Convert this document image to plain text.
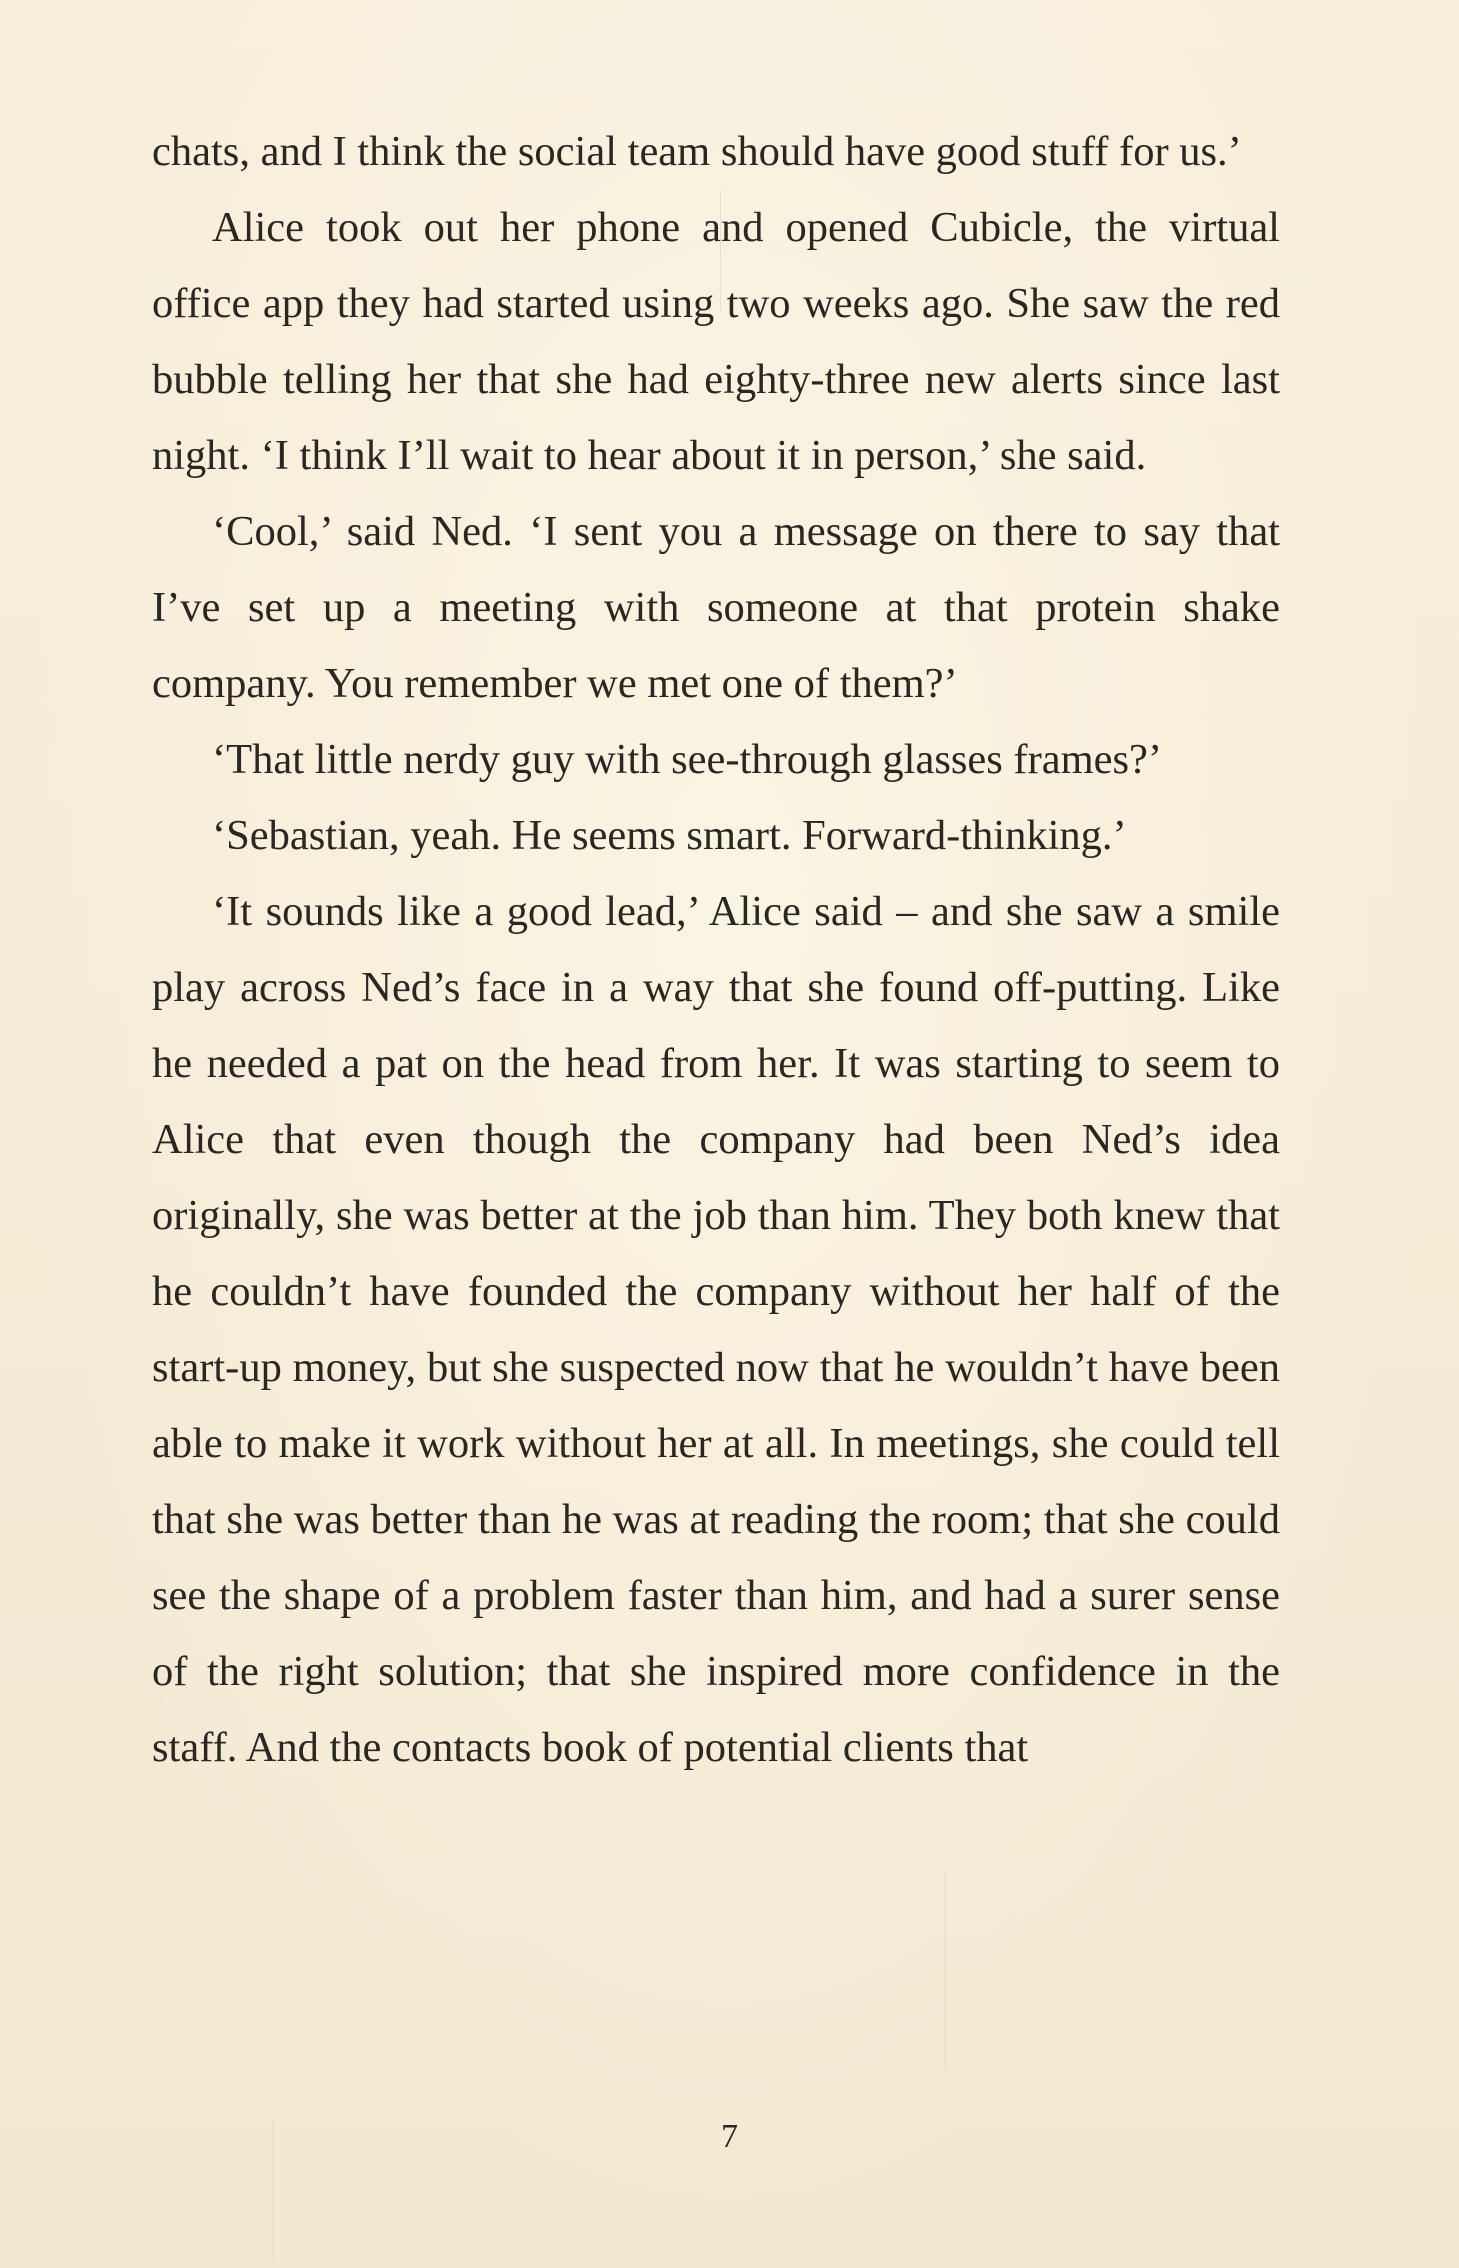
chats, and I think the social team should have good stuff for us.’

Alice took out her phone and opened Cubicle, the virtual office app they had started using two weeks ago. She saw the red bubble telling her that she had eighty-three new alerts since last night. ‘I think I’ll wait to hear about it in person,’ she said.

‘Cool,’ said Ned. ‘I sent you a message on there to say that I’ve set up a meeting with someone at that protein shake company. You remember we met one of them?’

‘That little nerdy guy with see-through glasses frames?’

‘Sebastian, yeah. He seems smart. Forward-thinking.’

‘It sounds like a good lead,’ Alice said – and she saw a smile play across Ned’s face in a way that she found off-putting. Like he needed a pat on the head from her. It was starting to seem to Alice that even though the company had been Ned’s idea originally, she was better at the job than him. They both knew that he couldn’t have founded the company without her half of the start-up money, but she suspected now that he wouldn’t have been able to make it work without her at all. In meetings, she could tell that she was better than he was at reading the room; that she could see the shape of a problem faster than him, and had a surer sense of the right solution; that she inspired more confidence in the staff. And the contacts book of potential clients that

7
